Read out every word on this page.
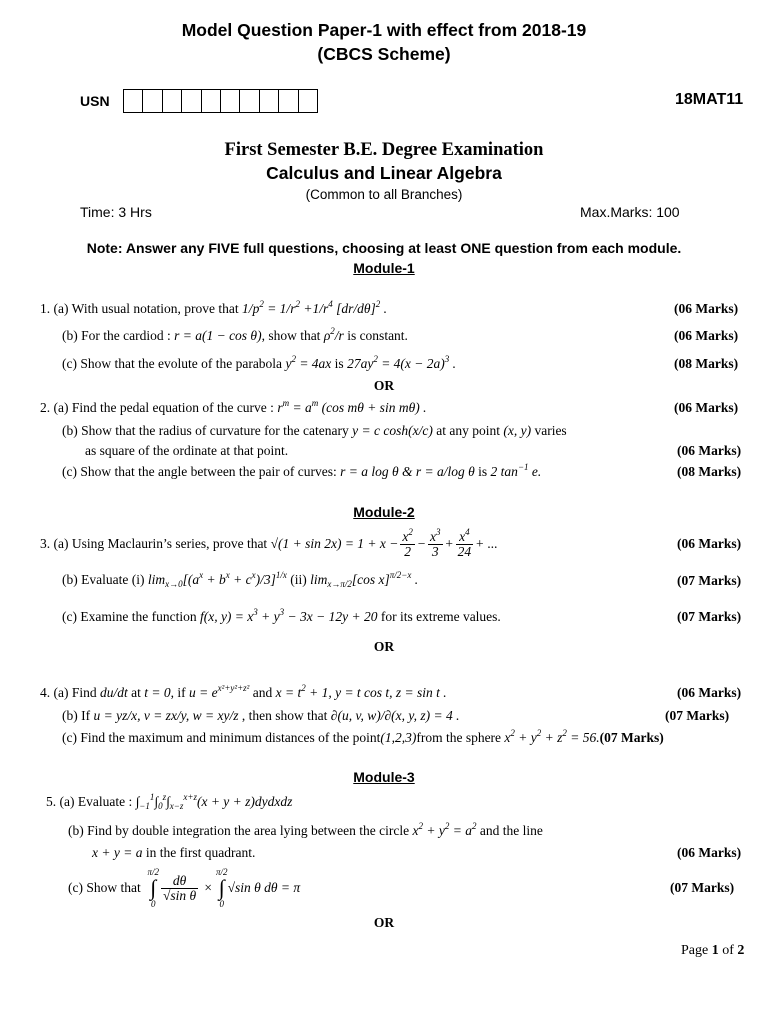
Model Question Paper-1 with effect from 2018-19
(CBCS Scheme)
USN	18MAT11
First Semester B.E. Degree Examination
Calculus and Linear Algebra
(Common to all Branches)
Time: 3 Hrs	Max.Marks: 100
Note: Answer any FIVE full questions, choosing at least ONE question from each module.
Module-1
1. (a) With usual notation, prove that $1/p^2 = 1/r^2 +1/r^4$ $[dr/d\theta]^2$ .	(06 Marks)
(b) For the cardiod : r = a(1 − cos θ), show that $\rho^2/r$ is constant.	(06 Marks)
(c) Show that the evolute of the parabola $y^2 = 4ax$ is $27ay^2 = 4(x - 2a)^3$ .	(08 Marks)
OR
2. (a) Find the pedal equation of the curve : $r^m = a^m$ (cos mθ + sin mθ) .	(06 Marks)
(b) Show that the radius of curvature for the catenary y = c cosh(x/c) at any point (x, y) varies
as square of the ordinate at that point.	(06 Marks)
(c) Show that the angle between the pair of curves: r = a log θ & r = a/log θ is 2 $\tan^{-1} e$.	(08 Marks)
Module-2
3.
(a) Using Maclaurin’s series, prove that
$√(1 + \sin 2x) = 1 + x - \frac{x^2}{2} - \frac{x^3}{3} + \frac{x^4}{24}$ + ...	(06 Marks)
(b) Evaluate (i) $\lim_{x\to 0}[(a^x + b^x + c^x)/3]^{1/x}$ (ii) $\lim_{x\to\pi/2}[\cos$ x]$^{\pi/2-x}$ .	(07 Marks)
(c) Examine the function f(x, $y) = x^3 + y^3 - 3x - 12y + 20$ for its extreme values.	(07 Marks)
OR
4. (a) Find du/dt at t = 0, if $u = e^{x^2+y^2+z^2}$ and $x = t^2 + 1$, y = t cos t, z = sin t .	(06 Marks)
(b) If u = yz/x, v = zx/y, w = xy/z , then show that ∂(u, v, w)/∂(x, y, z) = 4 .	(07 Marks)
(c) Find the maximum and minimum distances of the point(1,2,3)from the sphere $x^2 + y^2 + z^2 = 56.(07$ Marks)
Module-3
5. (a) Evaluate : $\int_{-1}^1\int_0^z\int_{x-z}^{x+z}(x + y$ + z)dydxdz
(b) Find by double integration the area lying between the circle $x^2 + y^2 = a^2$ and the line
x + y = a in the first quadrant.	(06 Marks)
(c) Show that

π/2
∫
0
$\frac{d\theta}{\text{√sin θ}}$ ×
π/2
∫
0
√sin θ dθ = π	(07 Marks)
OR
Page 1 of 2
